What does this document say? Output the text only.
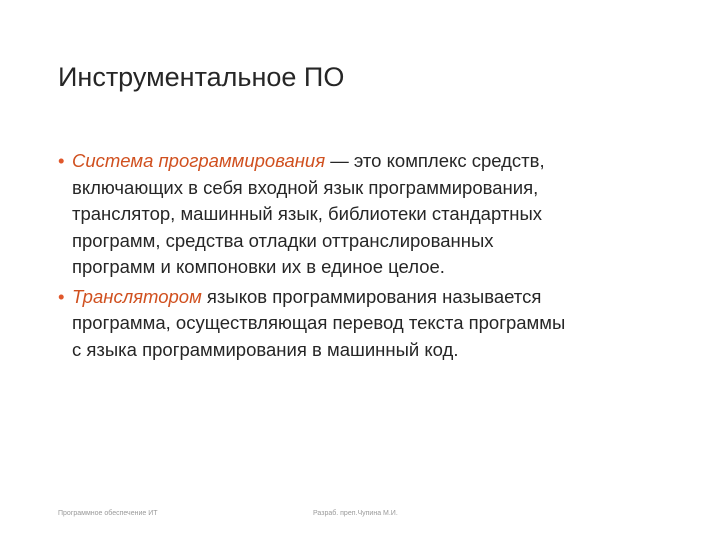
Инструментальное ПО
• Система программирования — это комплекс средств,
включающих в себя входной язык программирования,
транслятор, машинный язык, библиотеки стандартных
программ, средства отладки оттранслированных
программ и компоновки их в единое целое.
• Транслятором языков программирования называется
программа, осуществляющая перевод текста программы
с языка программирования в машинный код.
Программное обеспечение ИТ	Разраб. преп.Чупина М.И.
